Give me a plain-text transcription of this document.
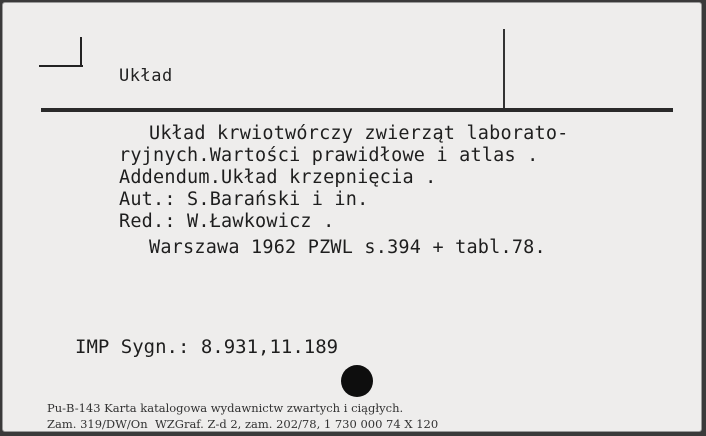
Układ
Układ krwiotwórczy zwierząt laborato-
ryjnych.Wartości prawidłowe i atlas .
Addendum.Układ krzepnięcia .
Aut.: S.Barański i in.
Red.: W.Ławkowicz .
Warszawa 1962 PZWL s.394 + tabl.78.
IMP Sygn.: 8.931,11.189
Pu-B-143 Karta katalogowa wydawnictw zwartych i ciągłych.
Zam. 319/DW/On  WZGraf. Z-d 2, zam. 202/78, 1 730 000 74 X 120
